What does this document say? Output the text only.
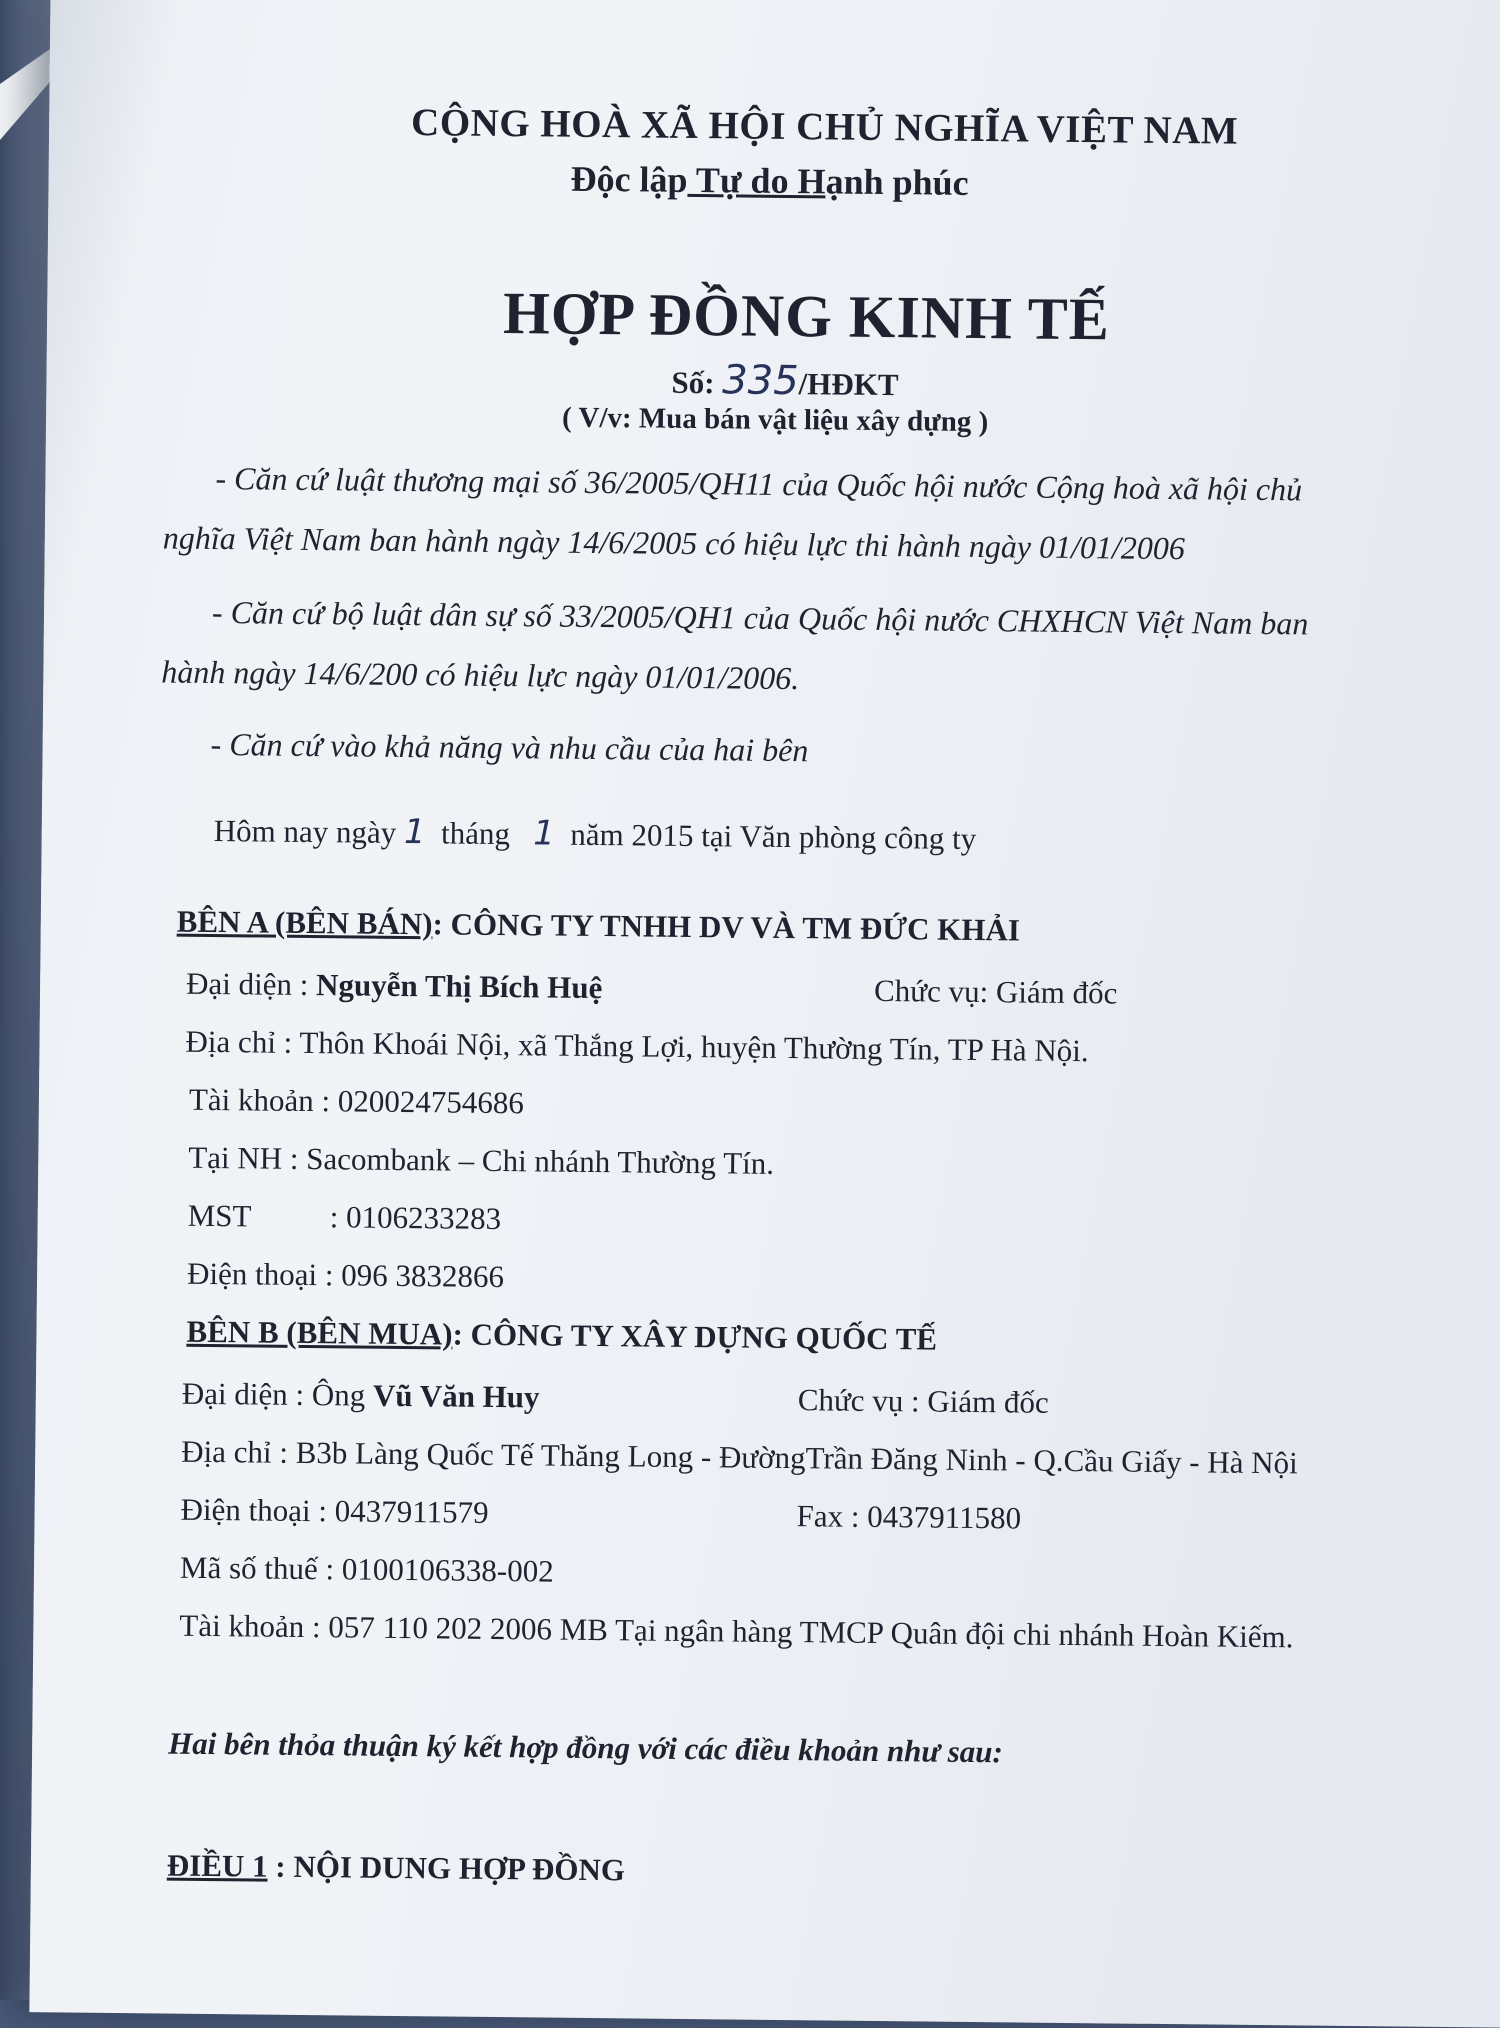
CỘNG HOÀ XÃ HỘI CHỦ NGHĨA VIỆT NAM
Độc lập Tự do Hạnh phúc
HỢP ĐỒNG KINH TẾ
Số: 335/HĐKT
( V/v: Mua bán vật liệu xây dựng )
- Căn cứ luật thương mại số 36/2005/QH11 của Quốc hội nước Cộng hoà xã hội chủ
nghĩa Việt Nam ban hành ngày 14/6/2005 có hiệu lực thi hành ngày 01/01/2006
- Căn cứ bộ luật dân sự số 33/2005/QH1 của Quốc hội nước CHXHCN Việt Nam ban
hành ngày 14/6/200 có hiệu lực ngày 01/01/2006.
- Căn cứ vào khả năng và nhu cầu của hai bên
Hôm nay ngày 1 tháng 1 năm 2015 tại Văn phòng công ty
BÊN A (BÊN BÁN): CÔNG TY TNHH DV VÀ TM ĐỨC KHẢI
Đại diện : Nguyễn Thị Bích Huệ	Chức vụ: Giám đốc
Địa chỉ : Thôn Khoái Nội, xã Thắng Lợi, huyện Thường Tín, TP Hà Nội.
Tài khoản : 020024754686
Tại NH : Sacombank – Chi nhánh Thường Tín.
MST	: 0106233283
Điện thoại : 096 3832866
BÊN B (BÊN MUA): CÔNG TY XÂY DỰNG QUỐC TẾ
Đại diện : Ông Vũ Văn Huy	Chức vụ : Giám đốc
Địa chỉ : B3b Làng Quốc Tế Thăng Long - ĐườngTrần Đăng Ninh - Q.Cầu Giấy - Hà Nội
Điện thoại : 0437911579	Fax : 0437911580
Mã số thuế : 0100106338-002
Tài khoản : 057 110 202 2006 MB Tại ngân hàng TMCP Quân đội chi nhánh Hoàn Kiếm.
Hai bên thỏa thuận ký kết hợp đồng với các điều khoản như sau:
ĐIỀU 1 : NỘI DUNG HỢP ĐỒNG
